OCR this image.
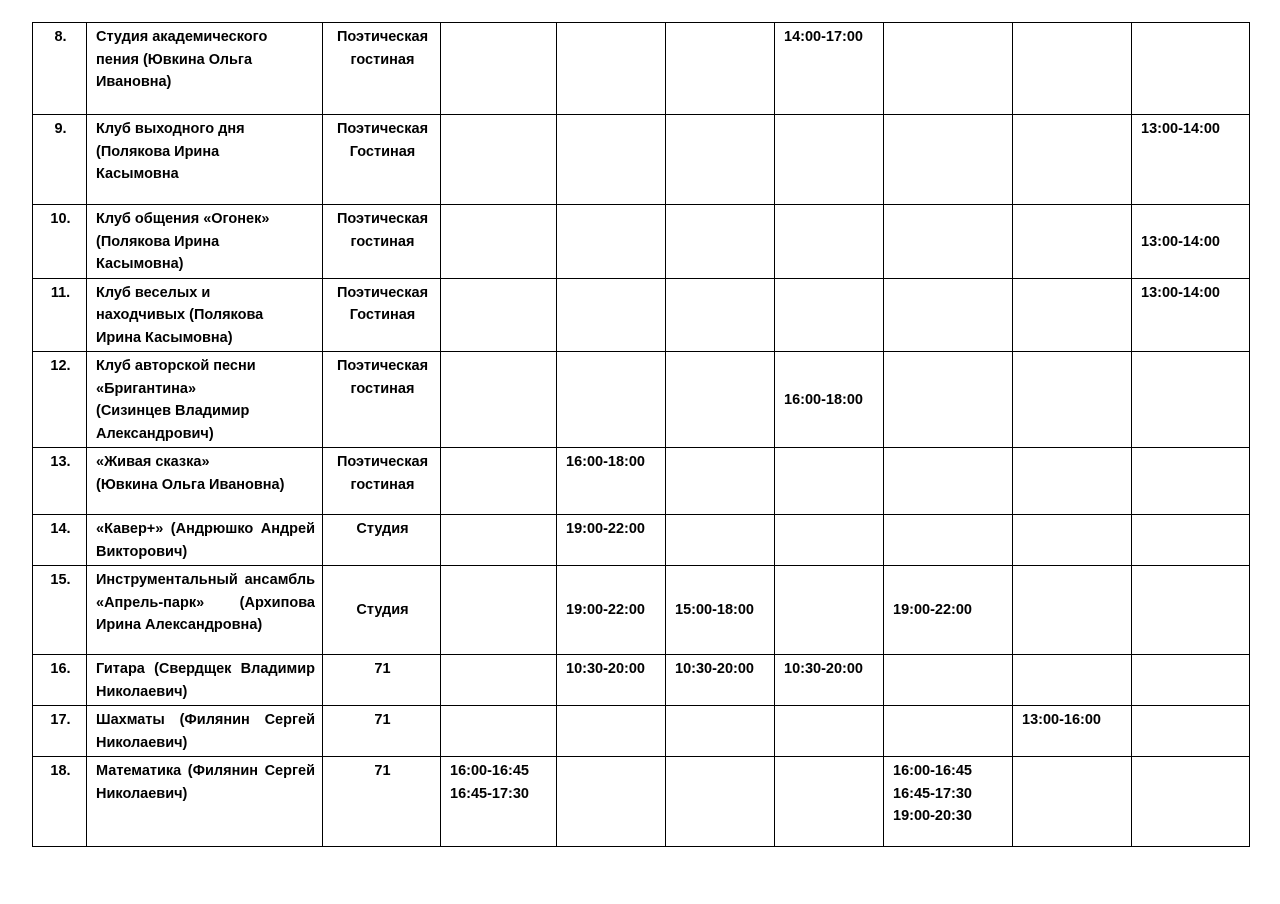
8.	Студия академического
пения (Ювкина Ольга
Ивановна)	Поэтическая
гостиная				14:00-17:00			
9.	Клуб выходного дня
(Полякова Ирина
Касымовна	Поэтическая
Гостиная							13:00-14:00
10.	Клуб общения «Огонек»
(Полякова Ирина
Касымовна)	Поэтическая
гостиная							13:00-14:00
11.	Клуб веселых и
находчивых (Полякова
Ирина Касымовна)	Поэтическая
Гостиная							13:00-14:00
12.	Клуб авторской песни
«Бригантина»
(Сизинцев Владимир
Александрович)	Поэтическая
гостиная				16:00-18:00			
13.	«Живая сказка»
(Ювкина Ольга Ивановна)	Поэтическая
гостиная		16:00-18:00					
14.	«Кавер+» (Андрюшко Андрей Викторович)	Студия		19:00-22:00					
15.	Инструментальный ансамбль «Апрель-парк» (Архипова Ирина Александровна)	Студия		19:00-22:00	15:00-18:00		19:00-22:00		
16.	Гитара (Свердщек Владимир Николаевич)	71		10:30-20:00	10:30-20:00	10:30-20:00			
17.	Шахматы (Филянин Сергей Николаевич)	71						13:00-16:00	
18.	Математика (Филянин Сергей Николаевич)	71	16:00-16:45
16:45-17:30				16:00-16:45
16:45-17:30
19:00-20:30		
